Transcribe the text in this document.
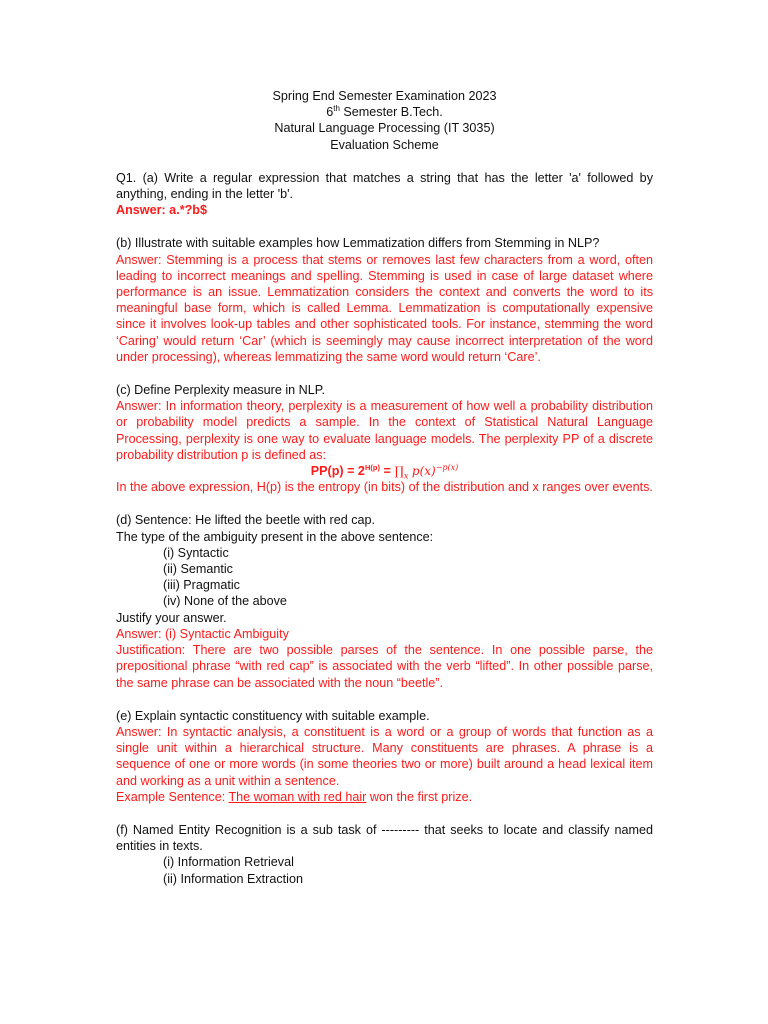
Spring End Semester Examination 2023
6th Semester B.Tech.
Natural Language Processing (IT 3035)
Evaluation Scheme

Q1. (a) Write a regular expression that matches a string that has the letter 'a' followed by anything, ending in the letter 'b'.

Answer: a.*?b$

(b) Illustrate with suitable examples how Lemmatization differs from Stemming in NLP?

Answer: Stemming is a process that stems or removes last few characters from a word, often leading to incorrect meanings and spelling. Stemming is used in case of large dataset where performance is an issue. Lemmatization considers the context and converts the word to its meaningful base form, which is called Lemma. Lemmatization is computationally expensive since it involves look-up tables and other sophisticated tools. For instance, stemming the word ‘Caring’ would return ‘Car’ (which is seemingly may cause incorrect interpretation of the word under processing), whereas lemmatizing the same word would return ‘Care’.

(c) Define Perplexity measure in NLP.

Answer: In information theory, perplexity is a measurement of how well a probability distribution or probability model predicts a sample. In the context of Statistical Natural Language Processing, perplexity is one way to evaluate language models. The perplexity PP of a discrete probability distribution p is defined as:

$PP(p) = 2^{H(p)}$ = $\prod_x$ $p(x)^{-p(x)}$

In the above expression, H(p) is the entropy (in bits) of the distribution and x ranges over events.

(d) Sentence: He lifted the beetle with red cap.

The type of the ambiguity present in the above sentence:

(i) Syntactic

(ii) Semantic

(iii) Pragmatic

(iv) None of the above

Justify your answer.

Answer: (i) Syntactic Ambiguity

Justification: There are two possible parses of the sentence. In one possible parse, the prepositional phrase “with red cap” is associated with the verb “lifted”. In other possible parse, the same phrase can be associated with the noun “beetle”.

(e) Explain syntactic constituency with suitable example.

Answer: In syntactic analysis, a constituent is a word or a group of words that function as a single unit within a hierarchical structure. Many constituents are phrases. A phrase is a sequence of one or more words (in some theories two or more) built around a head lexical item and working as a unit within a sentence.

Example Sentence: The woman with red hair won the first prize.

(f) Named Entity Recognition is a sub task of --------- that seeks to locate and classify named entities in texts.

(i) Information Retrieval

(ii) Information Extraction
